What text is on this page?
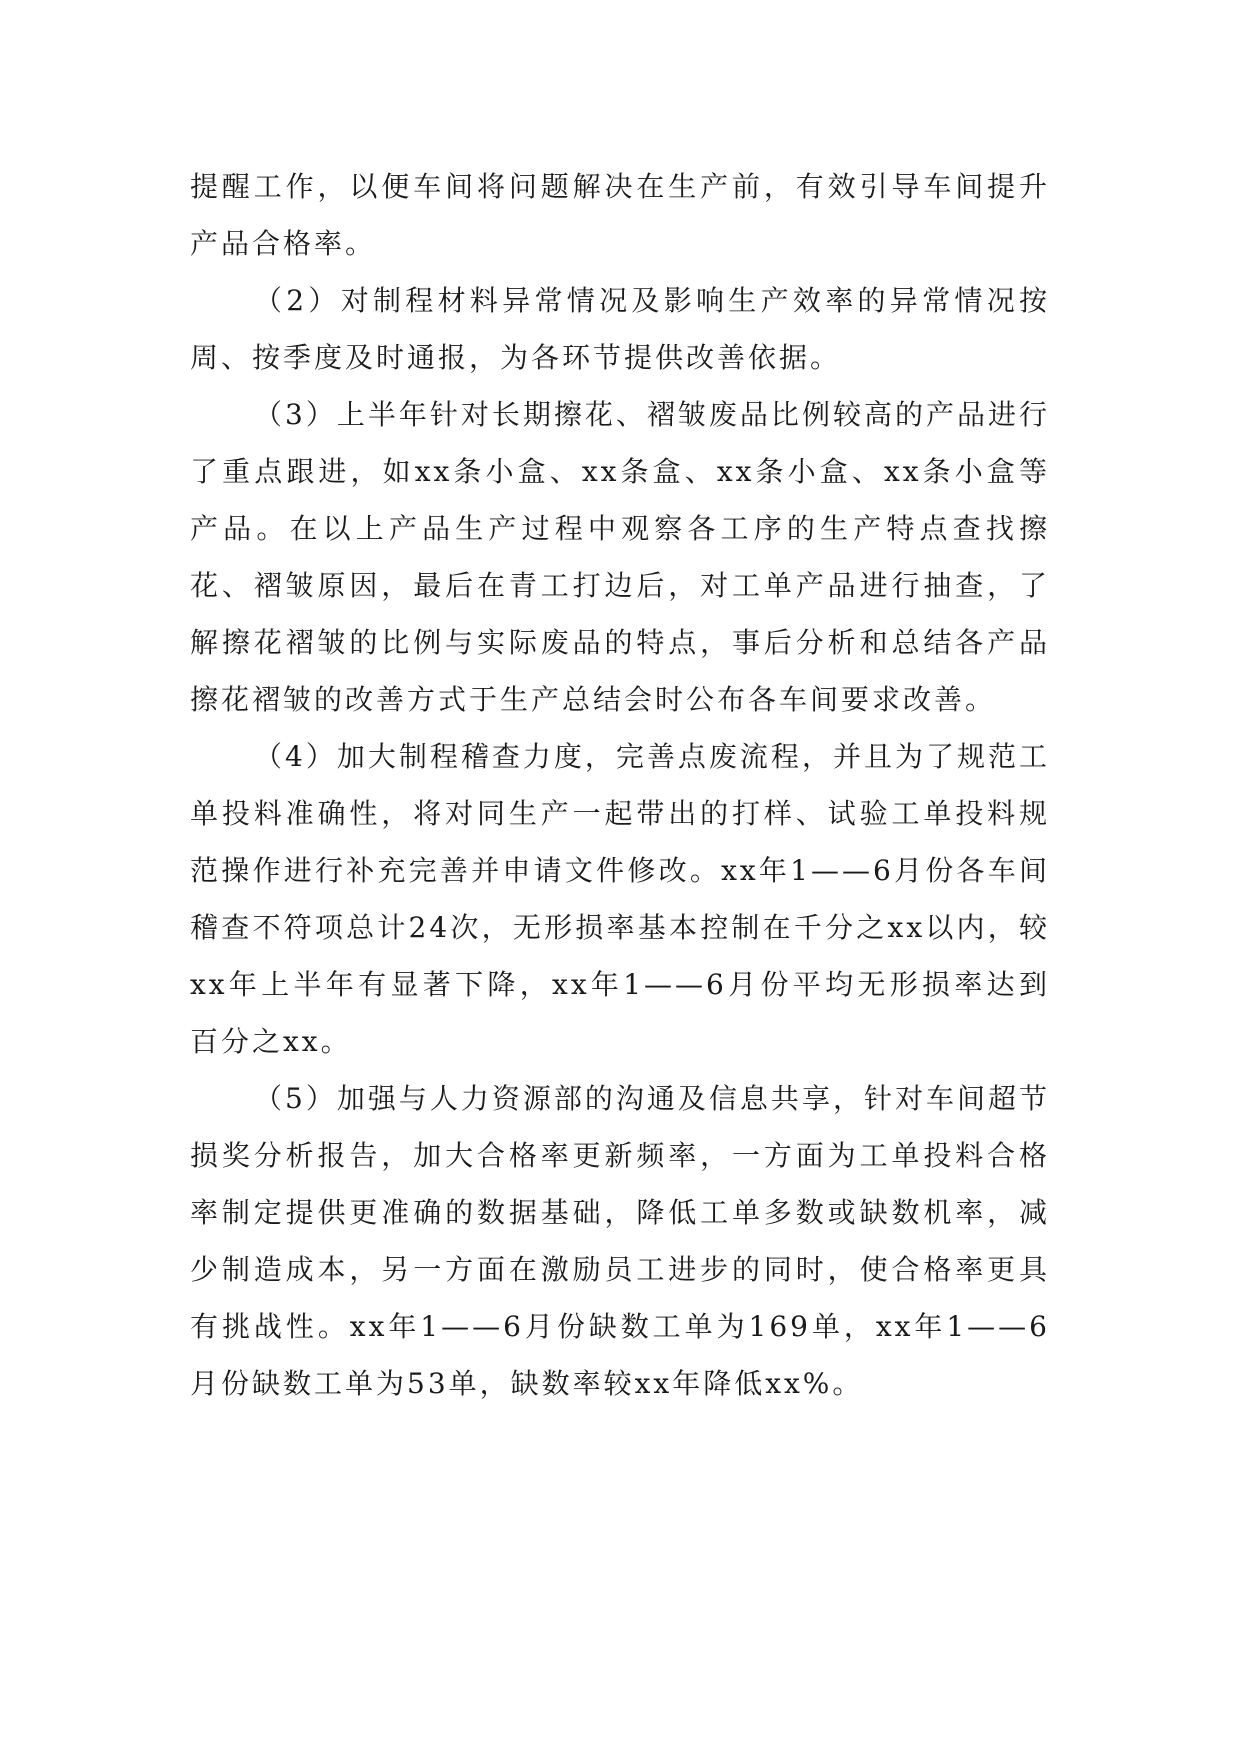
提醒工作，以便车间将问题解决在生产前，有效引导车间提升产品合格率。

（2）对制程材料异常情况及影响生产效率的异常情况按周、按季度及时通报，为各环节提供改善依据。

（3）上半年针对长期擦花、褶皱废品比例较高的产品进行了重点跟进，如xx条小盒、xx条盒、xx条小盒、xx条小盒等产品。在以上产品生产过程中观察各工序的生产特点查找擦花、褶皱原因，最后在青工打边后，对工单产品进行抽查，了解擦花褶皱的比例与实际废品的特点，事后分析和总结各产品擦花褶皱的改善方式于生产总结会时公布各车间要求改善。

（4）加大制程稽查力度，完善点废流程，并且为了规范工单投料准确性，将对同生产一起带出的打样、试验工单投料规范操作进行补充完善并申请文件修改。xx年1——6月份各车间稽查不符项总计24次，无形损率基本控制在千分之xx以内，较xx年上半年有显著下降，xx年1——6月份平均无形损率达到百分之xx。

（5）加强与人力资源部的沟通及信息共享，针对车间超节损奖分析报告，加大合格率更新频率，一方面为工单投料合格率制定提供更准确的数据基础，降低工单多数或缺数机率，减少制造成本，另一方面在激励员工进步的同时，使合格率更具有挑战性。xx年1——6月份缺数工单为169单，xx年1——6月份缺数工单为53单，缺数率较xx年降低xx%。
